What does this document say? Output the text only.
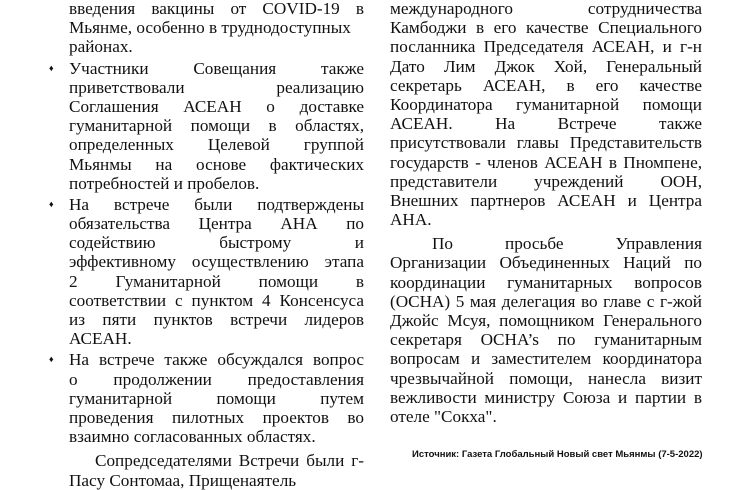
введения вакцины от COVID-19 в
Мьянме, особенно в труднодоступных
районах.
♦ Участники Совещания также
приветствовали реализацию
Соглашения АСЕАН о доставке
гуманитарной помощи в областях,
определенных Целевой группой
Мьянмы на основе фактических
потребностей и пробелов.
♦ На встрече были подтверждены
обязательства Центра АНА по
содействию быстрому и
эффективному осуществлению этапа
2 Гуманитарной помощи в
соответствии с пунктом 4 Консенсуса
из пяти пунктов встречи лидеров
АСЕАН.
♦ На встрече также обсуждался вопрос
о продолжении предоставления
гуманитарной помощи путем
проведения пилотных проектов во
взаимно согласованных областях.
Сопредседателями Встречи были г-
Пасу Сонтомаа, Прищенаятель
международного сотрудничества
Камбоджи в его качестве Специального
посланника Председателя АСЕАН, и г-н
Дато Лим Джок Хой, Генеральный
секретарь АСЕАН, в его качестве
Координатора гуманитарной помощи
АСЕАН. На Встрече также
присутствовали главы Представительств
государств - членов АСЕАН в Пномпене,
представители учреждений ООН,
Внешних партнеров АСЕАН и Центра
АНА.
По просьбе Управления
Организации Объединенных Наций по
координации гуманитарных вопросов
(OCHA) 5 мая делегация во главе с г-жой
Джойс Мсуя, помощником Генерального
секретаря OCHA’s по гуманитарным
вопросам и заместителем координатора
чрезвычайной помощи, нанесла визит
вежливости министру Союза и партии в
отеле "Сокха".
Источник: Газета Глобальный Новый свет Мьянмы (7-5-2022)
